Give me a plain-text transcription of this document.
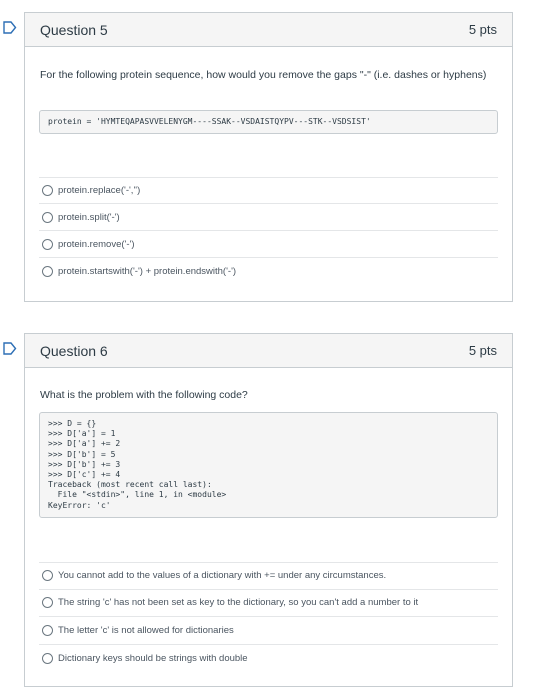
Question 5	5 pts
For the following protein sequence, how would you remove the gaps "-" (i.e. dashes or hyphens)
protein = 'HYMTEQAPASVVELENYGM----SSAK--VSDAISTQYPV---STK--VSDSIST'
protein.replace('-','')
protein.split('-')
protein.remove('-')
protein.startswith('-') + protein.endswith('-')
Question 6	5 pts
What is the problem with the following code?
>>> D = {}
>>> D['a'] = 1
>>> D['a'] += 2
>>> D['b'] = 5
>>> D['b'] += 3
>>> D['c'] += 4
Traceback (most recent call last):
File "<stdin>", line 1, in <module>
KeyError: 'c'
You cannot add to the values of a dictionary with += under any circumstances.
The string 'c' has not been set as key to the dictionary, so you can't add a number to it
The letter 'c' is not allowed for dictionaries
Dictionary keys should be strings with double
